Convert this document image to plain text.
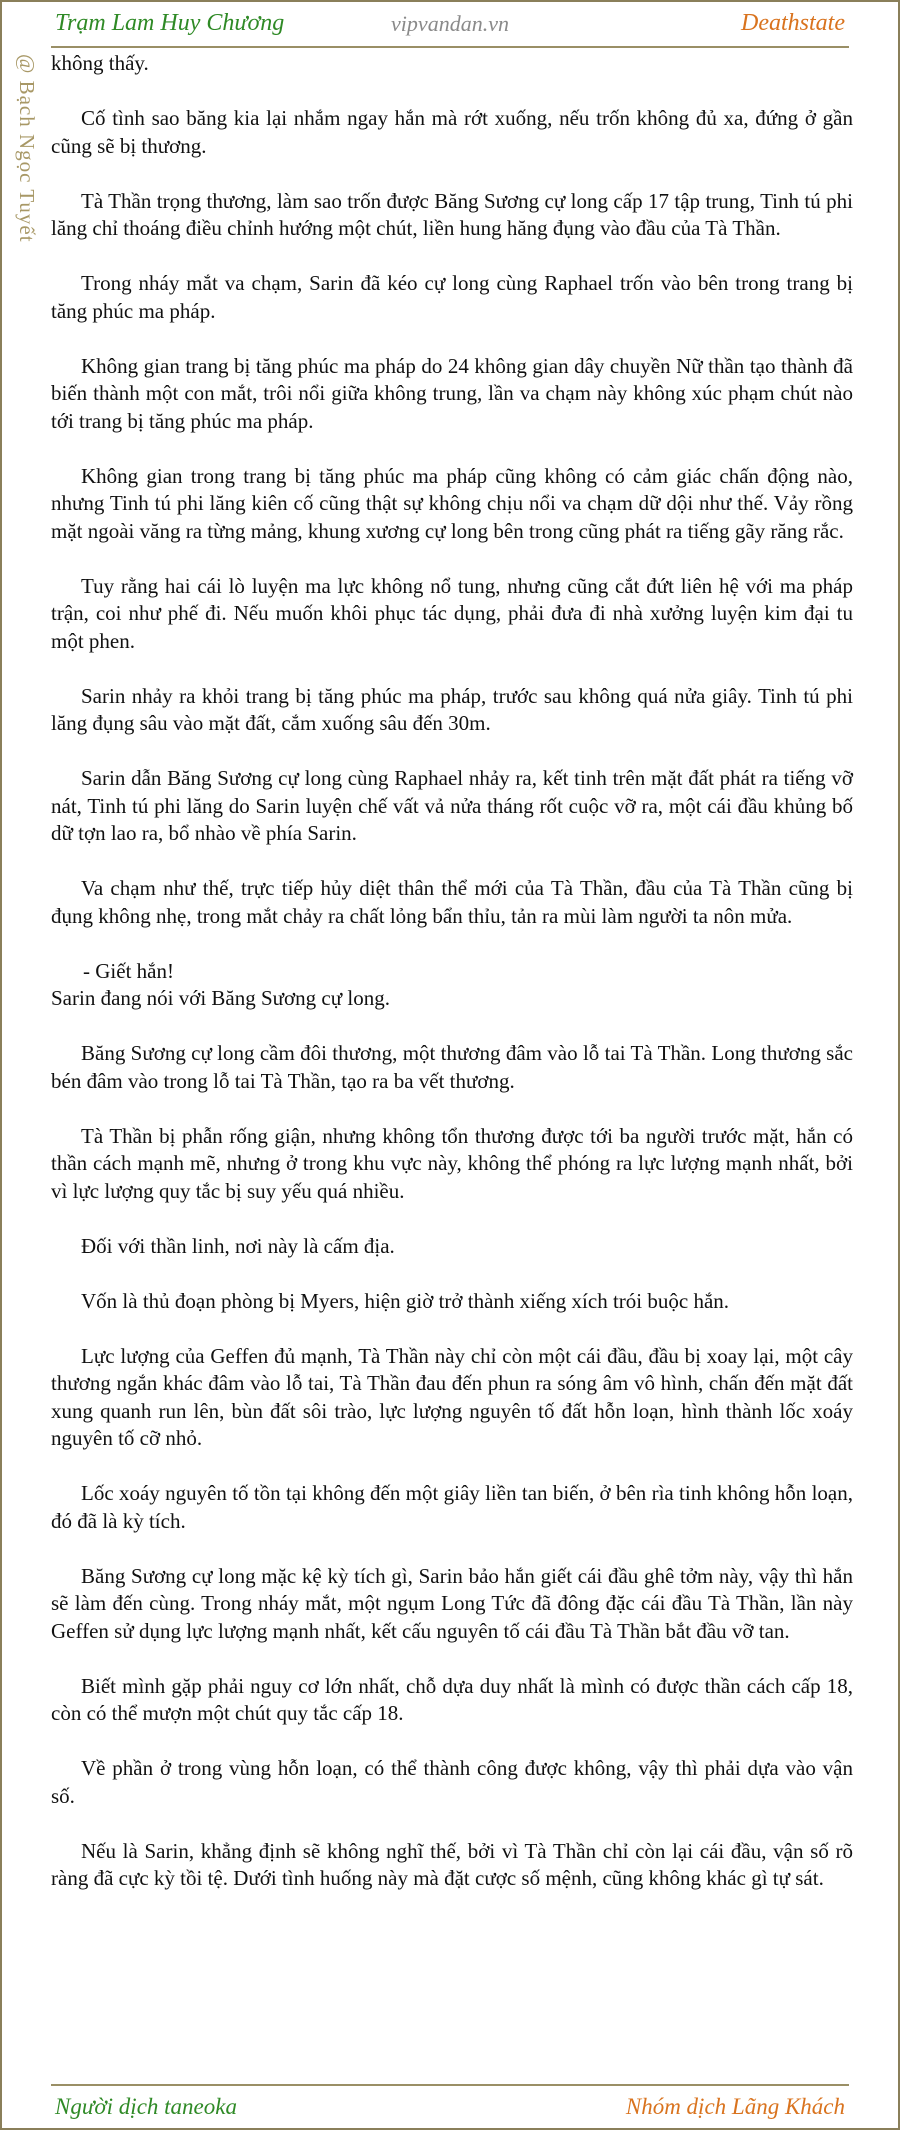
Trạm Lam Huy Chương	vipvandan.vn	Deathstate
@ Bạch Ngọc Tuyết không thấy.

Cố tình sao băng kia lại nhắm ngay hắn mà rớt xuống, nếu trốn không đủ xa, đứng ở gần cũng sẽ bị thương.

Tà Thần trọng thương, làm sao trốn được Băng Sương cự long cấp 17 tập trung, Tinh tú phi lăng chỉ thoáng điều chỉnh hướng một chút, liền hung hăng đụng vào đầu của Tà Thần.

Trong nháy mắt va chạm, Sarin đã kéo cự long cùng Raphael trốn vào bên trong trang bị tăng phúc ma pháp.

Không gian trang bị tăng phúc ma pháp do 24 không gian dây chuyền Nữ thần tạo thành đã biến thành một con mắt, trôi nổi giữa không trung, lần va chạm này không xúc phạm chút nào tới trang bị tăng phúc ma pháp.

Không gian trong trang bị tăng phúc ma pháp cũng không có cảm giác chấn động nào, nhưng Tinh tú phi lăng kiên cố cũng thật sự không chịu nổi va chạm dữ dội như thế. Vảy rồng mặt ngoài văng ra từng mảng, khung xương cự long bên trong cũng phát ra tiếng gãy răng rắc.

Tuy rằng hai cái lò luyện ma lực không nổ tung, nhưng cũng cắt đứt liên hệ với ma pháp trận, coi như phế đi. Nếu muốn khôi phục tác dụng, phải đưa đi nhà xưởng luyện kim đại tu một phen.

Sarin nhảy ra khỏi trang bị tăng phúc ma pháp, trước sau không quá nửa giây. Tinh tú phi lăng đụng sâu vào mặt đất, cắm xuống sâu đến 30m.

Sarin dẫn Băng Sương cự long cùng Raphael nhảy ra, kết tinh trên mặt đất phát ra tiếng vỡ nát, Tinh tú phi lăng do Sarin luyện chế vất vả nửa tháng rốt cuộc vỡ ra, một cái đầu khủng bố dữ tợn lao ra, bổ nhào về phía Sarin.

Va chạm như thế, trực tiếp hủy diệt thân thể mới của Tà Thần, đầu của Tà Thần cũng bị đụng không nhẹ, trong mắt chảy ra chất lỏng bẩn thỉu, tản ra mùi làm người ta nôn mửa.

- Giết hắn!

Sarin đang nói với Băng Sương cự long.

Băng Sương cự long cầm đôi thương, một thương đâm vào lỗ tai Tà Thần. Long thương sắc bén đâm vào trong lỗ tai Tà Thần, tạo ra ba vết thương.

Tà Thần bị phẫn rống giận, nhưng không tổn thương được tới ba người trước mặt, hắn có thần cách mạnh mẽ, nhưng ở trong khu vực này, không thể phóng ra lực lượng mạnh nhất, bởi vì lực lượng quy tắc bị suy yếu quá nhiều.

Đối với thần linh, nơi này là cấm địa.

Vốn là thủ đoạn phòng bị Myers, hiện giờ trở thành xiếng xích trói buộc hắn.

Lực lượng của Geffen đủ mạnh, Tà Thần này chỉ còn một cái đầu, đầu bị xoay lại, một cây thương ngắn khác đâm vào lỗ tai, Tà Thần đau đến phun ra sóng âm vô hình, chấn đến mặt đất xung quanh run lên, bùn đất sôi trào, lực lượng nguyên tố đất hỗn loạn, hình thành lốc xoáy nguyên tố cỡ nhỏ.

Lốc xoáy nguyên tố tồn tại không đến một giây liền tan biến, ở bên rìa tinh không hỗn loạn, đó đã là kỳ tích.

Băng Sương cự long mặc kệ kỳ tích gì, Sarin bảo hắn giết cái đầu ghê tởm này, vậy thì hắn sẽ làm đến cùng. Trong nháy mắt, một ngụm Long Tức đã đông đặc cái đầu Tà Thần, lần này Geffen sử dụng lực lượng mạnh nhất, kết cấu nguyên tố cái đầu Tà Thần bắt đầu vỡ tan.

Biết mình gặp phải nguy cơ lớn nhất, chỗ dựa duy nhất là mình có được thần cách cấp 18, còn có thể mượn một chút quy tắc cấp 18.

Về phần ở trong vùng hỗn loạn, có thể thành công được không, vậy thì phải dựa vào vận số.

Nếu là Sarin, khẳng định sẽ không nghĩ thế, bởi vì Tà Thần chỉ còn lại cái đầu, vận số rõ ràng đã cực kỳ tồi tệ. Dưới tình huống này mà đặt cược số mệnh, cũng không khác gì tự sát.

Người dịch taneoka	Nhóm dịch Lãng Khách
